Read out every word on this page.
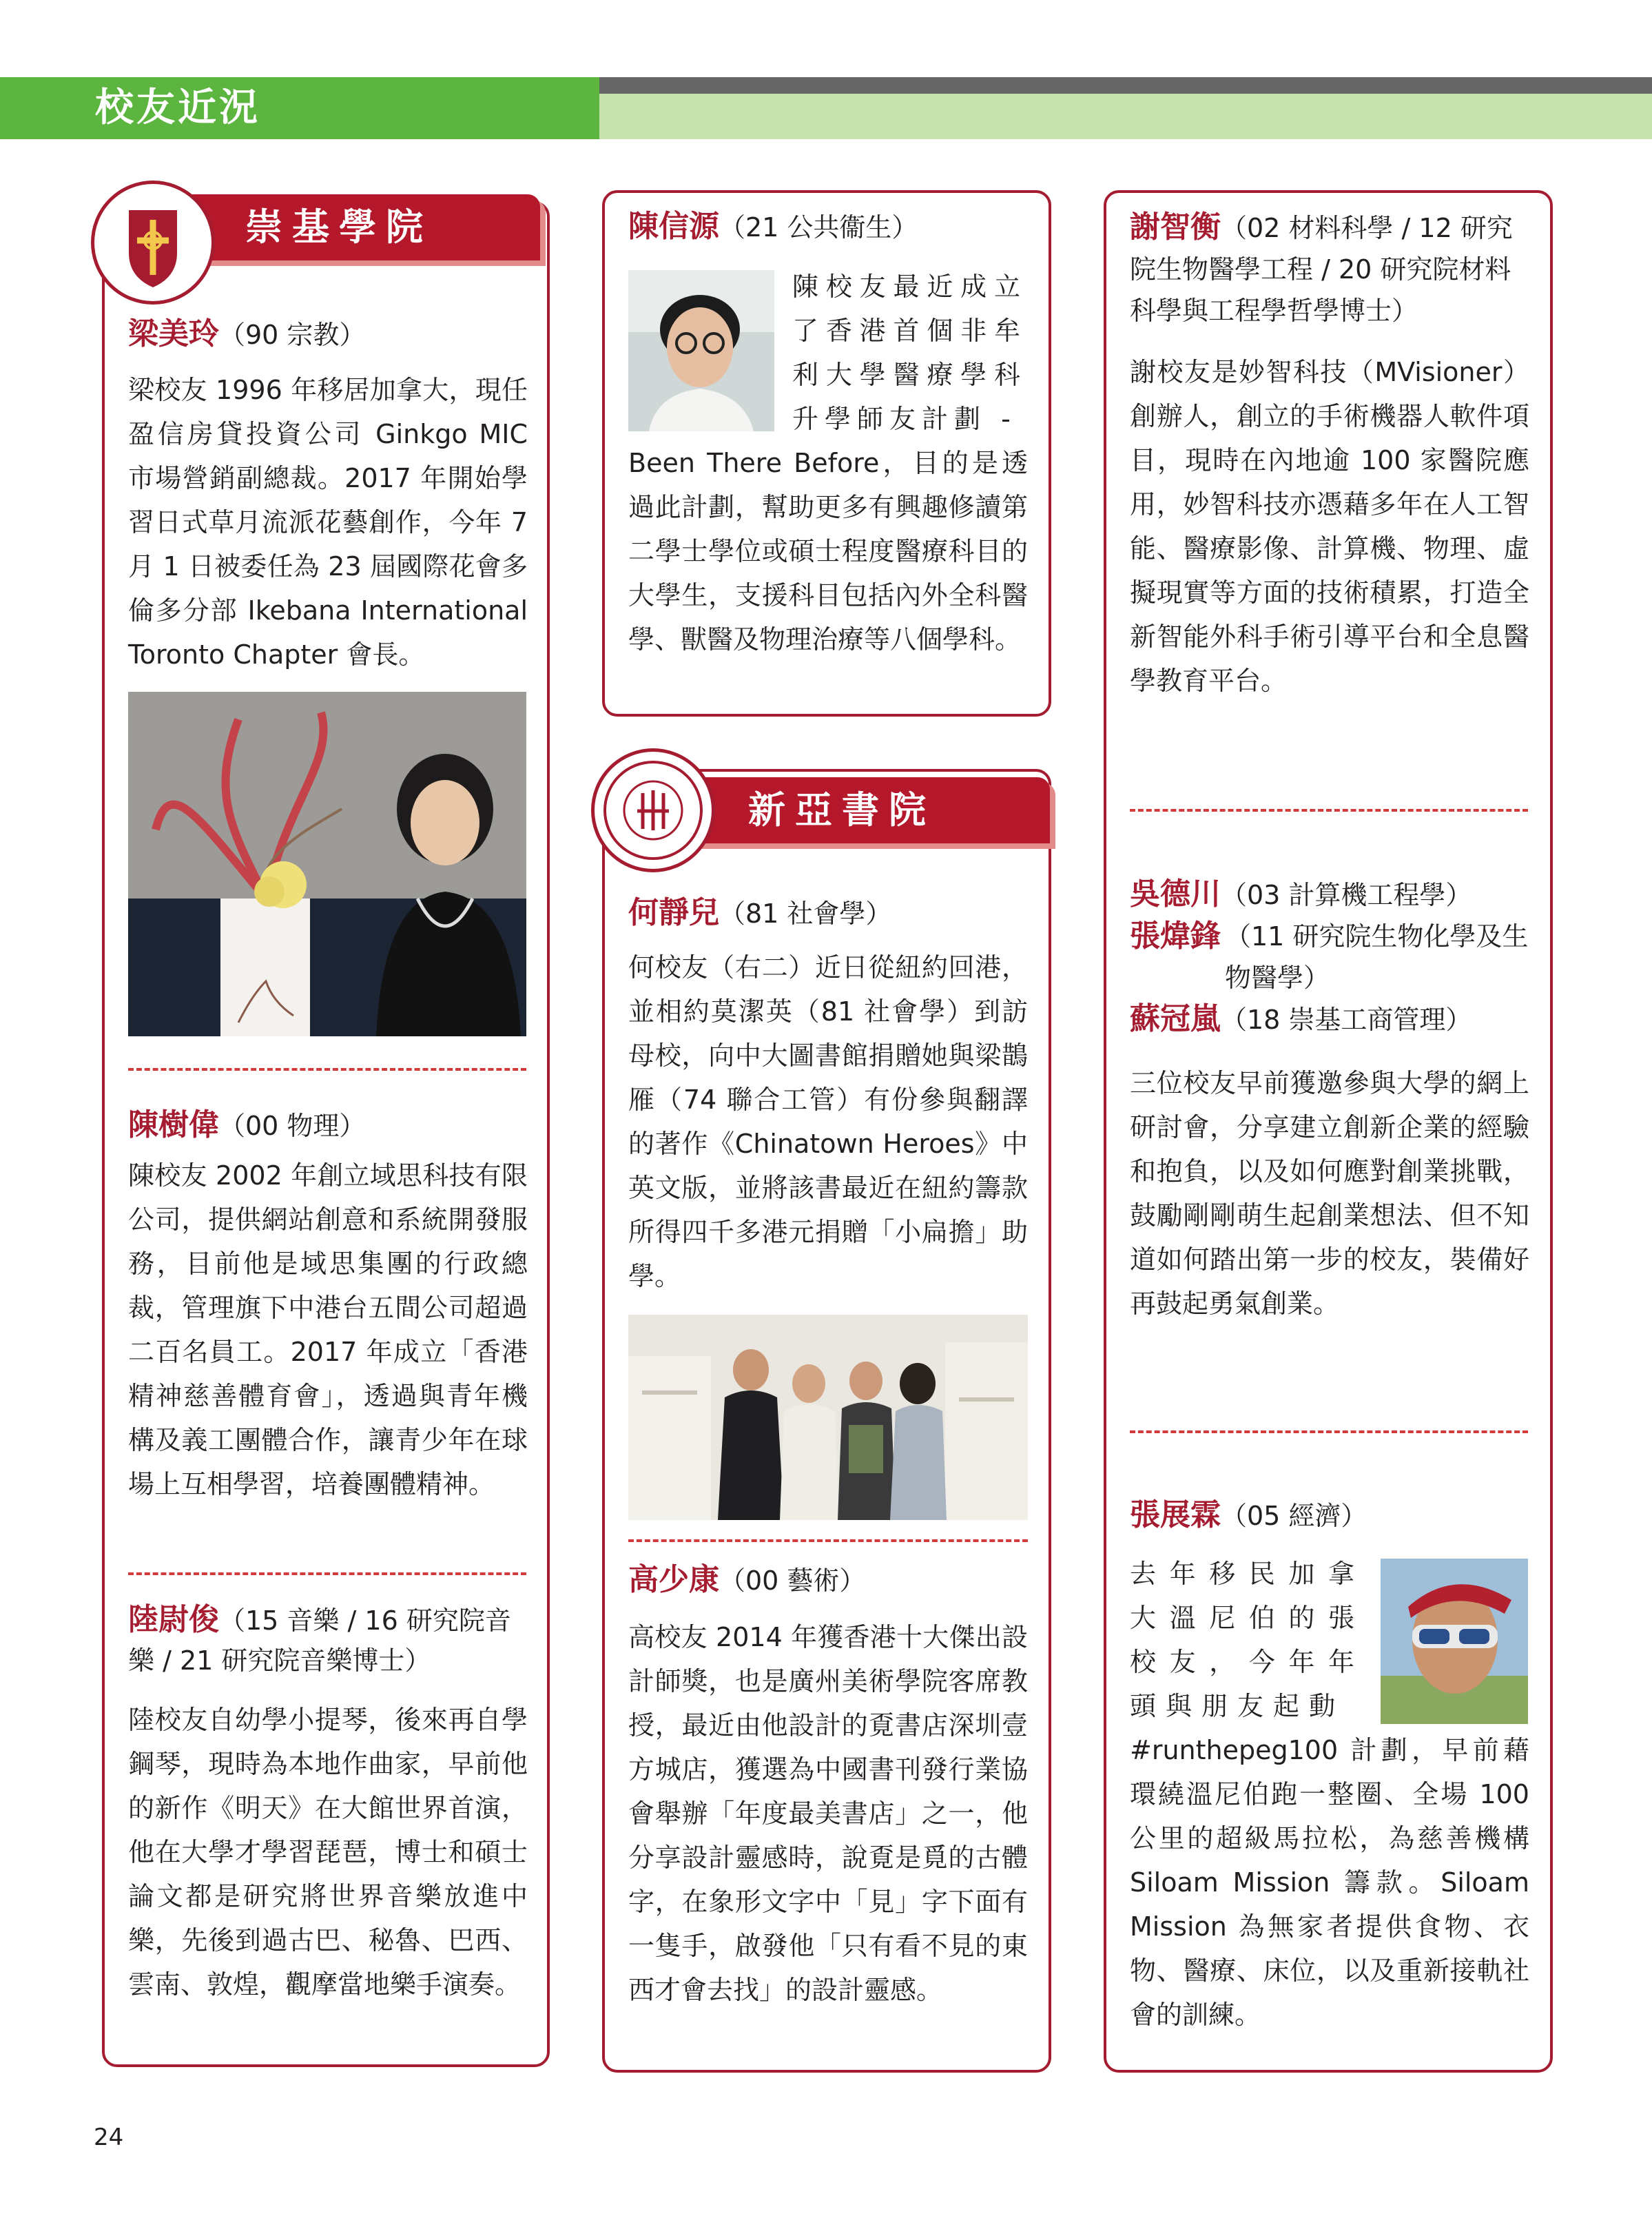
校友近況
崇基學院
梁美玲（90 宗教）
梁校友 1996 年移居加拿大，現任盈信房貸投資公司 Ginkgo MIC 市場營銷副總裁。2017 年開始學習日式草月流派花藝創作，今年 7 月 1 日被委任為 23 屆國際花會多倫多分部 Ikebana International Toronto Chapter 會長。
陳樹偉（00 物理）
陳校友 2002 年創立域思科技有限公司，提供網站創意和系統開發服務，目前他是域思集團的行政總裁，管理旗下中港台五間公司超過二百名員工。2017 年成立「香港精神慈善體育會」，透過與青年機構及義工團體合作，讓青少年在球場上互相學習，培養團體精神。
陸尉俊（15 音樂 / 16 研究院音樂 / 21 研究院音樂博士）
陸校友自幼學小提琴，後來再自學鋼琴，現時為本地作曲家，早前他的新作《明天》在大館世界首演，他在大學才學習琵琶，博士和碩士論文都是研究將世界音樂放進中樂，先後到過古巴、秘魯、巴西、雲南、敦煌，觀摩當地樂手演奏。
陳信源（21 公共衞生）
陳校友最近成立了香港首個非牟利大學醫療學科升學師友計劃 -
Been There Before，目的是透過此計劃，幫助更多有興趣修讀第二學士學位或碩士程度醫療科目的大學生，支援科目包括內外全科醫學、獸醫及物理治療等八個學科。
新亞書院
何靜兒（81 社會學）
何校友（右二）近日從紐約回港，並相約莫潔英（81 社會學）到訪母校，向中大圖書館捐贈她與梁鵲雁（74 聯合工管）有份參與翻譯的著作《Chinatown Heroes》中英文版，並將該書最近在紐約籌款所得四千多港元捐贈「小扁擔」助學。
高少康（00 藝術）
高校友 2014 年獲香港十大傑出設計師獎，也是廣州美術學院客席教授，最近由他設計的覔書店深圳壹方城店，獲選為中國書刊發行業協會舉辦「年度最美書店」之一，他分享設計靈感時，說覔是覓的古體字，在象形文字中「見」字下面有一隻手，啟發他「只有看不見的東西才會去找」的設計靈感。
謝智衡（02 材料科學 / 12 研究院生物醫學工程 / 20 研究院材料科學與工程學哲學博士）
謝校友是妙智科技（MVisioner）創辦人，創立的手術機器人軟件項目，現時在內地逾 100 家醫院應用，妙智科技亦憑藉多年在人工智能、醫療影像、計算機、物理、虛擬現實等方面的技術積累，打造全新智能外科手術引導平台和全息醫學教育平台。
吳德川（03 計算機工程學）
張煒鋒 （11 研究院生物化學及生物醫學）
蘇冠嵐（18 崇基工商管理）
三位校友早前獲邀參與大學的網上研討會，分享建立創新企業的經驗和抱負，以及如何應對創業挑戰，鼓勵剛剛萌生起創業想法、但不知道如何踏出第一步的校友，裝備好再鼓起勇氣創業。
張展霖（05 經濟）
去年移民加拿大溫尼伯的張校友，今年年頭與朋友起動
#runthepeg100 計劃，早前藉環繞溫尼伯跑一整圈、全場 100 公里的超級馬拉松，為慈善機構 Siloam Mission 籌款。Siloam Mission 為無家者提供食物、衣物、醫療、床位，以及重新接軌社會的訓練。
24
